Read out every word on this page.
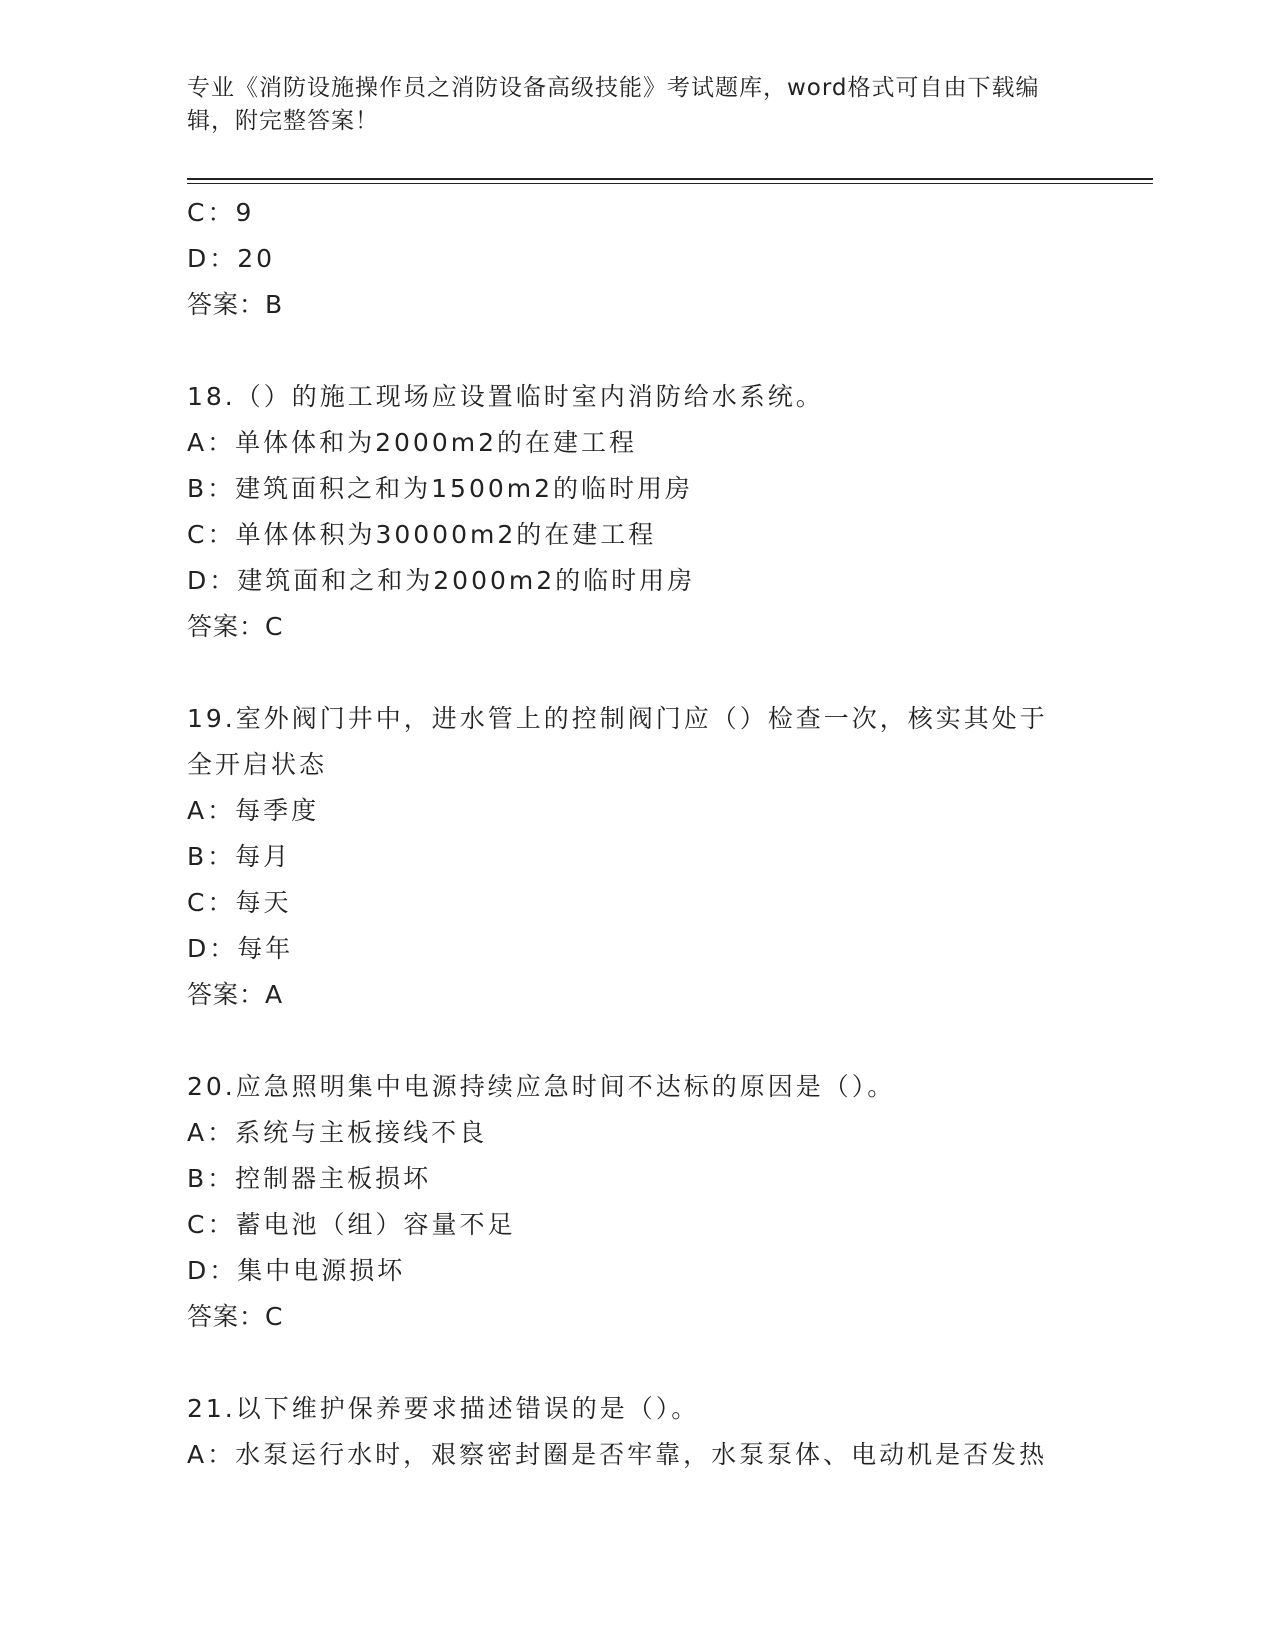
专业《消防设施操作员之消防设备高级技能》考试题库，word格式可自由下载编辑，附完整答案！
C：9
D：20
答案：B
18.（）的施工现场应设置临时室内消防给水系统。
A：单体体和为2000m2的在建工程
B：建筑面积之和为1500m2的临时用房
C：单体体积为30000m2的在建工程
D：建筑面和之和为2000m2的临时用房
答案：C
19.室外阀门井中，进水管上的控制阀门应（）检查一次，核实其处于
全开启状态
A：每季度
B：每月
C：每天
D：每年
答案：A
20.应急照明集中电源持续应急时间不达标的原因是（）。
A：系统与主板接线不良
B：控制器主板损坏
C：蓄电池（组）容量不足
D：集中电源损坏
答案：C
21.以下维护保养要求描述错误的是（）。
A：水泵运行水时，艰察密封圈是否牢靠，水泵泵体、电动机是否发热
